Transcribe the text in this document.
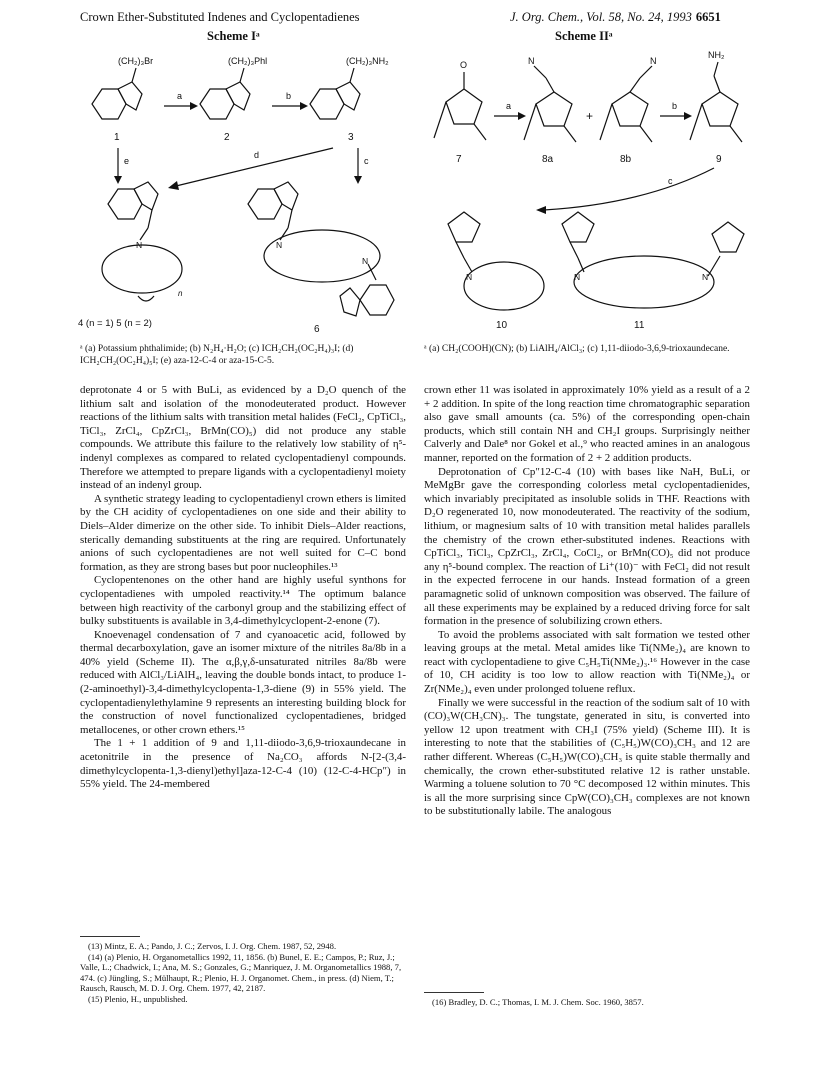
Crown Ether-Substituted Indenes and Cyclopentadienes	J. Org. Chem., Vol. 58, No. 24, 1993 6651
Scheme Iᵃ
(CH₂)₃Br
1
a
(CH₂)₃Phl
2
b
(CH₂)₃NH₂
3
e	c
d
N
n
4 (n = 1) 5 (n = 2)
N
N
6
ᵃ (a) Potassium phthalimide; (b) N₂H₄·H₂O; (c) ICH₂CH₂(OC₂H₄)₃I; (d) ICH₂CH₂(OC₂H₄)₅I; (e) aza-12-C-4 or aza-15-C-5.
Scheme IIᵃ
O
7
a
N
8a
+
N
8b
b
NH₂
9
c
N
10
N	N
11
ᵃ (a) CH₂(COOH)(CN); (b) LiAlH₄/AlCl₃; (c) 1,11-diiodo-3,6,9-trioxaundecane.

deprotonate 4 or 5 with BuLi, as evidenced by a D₂O quench of the lithium salt and isolation of the monodeuterated product. However reactions of the lithium salts with transition metal halides (FeCl₂, CpTiCl₃, TiCl₃, ZrCl₄, CpZrCl₃, BrMn(CO)₅) did not produce any stable compounds. We attribute this failure to the relatively low stability of η⁵-indenyl complexes as compared to related cyclopentadienyl compounds. Therefore we attempted to prepare ligands with a cyclopentadienyl moiety instead of an indenyl group.

A synthetic strategy leading to cyclopentadienyl crown ethers is limited by the CH acidity of cyclopentadienes on one side and their ability to Diels–Alder dimerize on the other side. To inhibit Diels–Alder reactions, sterically demanding substituents at the ring are required. Unfortunately anions of such cyclopentadienes are not well suited for C–C bond formation, as they are strong bases but poor nucleophiles.¹³

Cyclopentenones on the other hand are highly useful synthons for cyclopentadienes with umpoled reactivity.¹⁴ The optimum balance between high reactivity of the carbonyl group and the stabilizing effect of bulky substituents is available in 3,4-dimethylcyclopent-2-enone (7).

Knoevenagel condensation of 7 and cyanoacetic acid, followed by thermal decarboxylation, gave an isomer mixture of the nitriles 8a/8b in a 40% yield (Scheme II). The α,β,γ,δ-unsaturated nitriles 8a/8b were reduced with AlCl₃/LiAlH₄, leaving the double bonds intact, to produce 1-(2-aminoethyl)-3,4-dimethylcyclopenta-1,3-diene (9) in 55% yield. The cyclopentadienylethylamine 9 represents an interesting building block for the construction of novel functionalized cyclopentadienes, bridged metallocenes, or other crown ethers.¹⁵

The 1 + 1 addition of 9 and 1,11-diiodo-3,6,9-trioxaundecane in acetonitrile in the presence of Na₂CO₃ affords N-[2-(3,4-dimethylcyclopenta-1,3-dienyl)ethyl]aza-12-C-4 (10) (12-C-4-HCp″) in 55% yield. The 24-membered

crown ether 11 was isolated in approximately 10% yield as a result of a 2 + 2 addition. In spite of the long reaction time chromatographic separation also gave small amounts (ca. 5%) of the corresponding open-chain products, which still contain NH and CH₂I groups. Surprisingly neither Calverly and Dale⁸ nor Gokel et al.,⁹ who reacted amines in an analogous manner, reported on the formation of 2 + 2 addition products.

Deprotonation of Cp″12-C-4 (10) with bases like NaH, BuLi, or MeMgBr gave the corresponding colorless metal cyclopentadienides, which invariably precipitated as insoluble solids in THF. Reactions with D₂O regenerated 10, now monodeuterated. The reactivity of the sodium, lithium, or magnesium salts of 10 with transition metal halides parallels the chemistry of the crown ether-substituted indenes. Reactions with CpTiCl₃, TiCl₃, CpZrCl₃, ZrCl₄, CoCl₂, or BrMn(CO)₅ did not produce any η⁵-bound complex. The reaction of Li⁺(10)⁻ with FeCl₂ did not result in the expected ferrocene in our hands. Instead formation of a green paramagnetic solid of unknown composition was observed. The failure of all these experiments may be explained by a reduced driving force for salt formation in the presence of solubilizing crown ethers.

To avoid the problems associated with salt formation we tested other leaving groups at the metal. Metal amides like Ti(NMe₂)₄ are known to react with cyclopentadiene to give C₅H₅Ti(NMe₂)₃.¹⁶ However in the case of 10, CH acidity is too low to allow reaction with Ti(NMe₂)₄ or Zr(NMe₂)₄ even under prolonged toluene reflux.

Finally we were successful in the reaction of the sodium salt of 10 with (CO)₃W(CH₃CN)₃. The tungstate, generated in situ, is converted into yellow 12 upon treatment with CH₃I (75% yield) (Scheme III). It is interesting to note that the stabilities of (C₅H₅)W(CO)₃CH₃ and 12 are rather different. Whereas (C₅H₅)W(CO)₃CH₃ is quite stable thermally and chemically, the crown ether-substituted relative 12 is rather unstable. Warming a toluene solution to 70 °C decomposed 12 within minutes. This is all the more surprising since CpW(CO)₃CH₃ complexes are not known to be substitutionally labile. The analogous

(13) Mintz, E. A.; Pando, J. C.; Zervos, I. J. Org. Chem. 1987, 52, 2948.

(14) (a) Plenio, H. Organometallics 1992, 11, 1856. (b) Bunel, E. E.; Campos, P.; Ruz, J.; Valle, L.; Chadwick, I.; Ana, M. S.; Gonzales, G.; Manriquez, J. M. Organometallics 1988, 7, 474. (c) Jüngling, S.; Mülhaupt, R.; Plenio, H. J. Organomet. Chem., in press. (d) Niem, T.; Rausch, Rausch, M. D. J. Org. Chem. 1977, 42, 2187.

(15) Plenio, H., unpublished.	(16) Bradley, D. C.; Thomas, I. M. J. Chem. Soc. 1960, 3857.
